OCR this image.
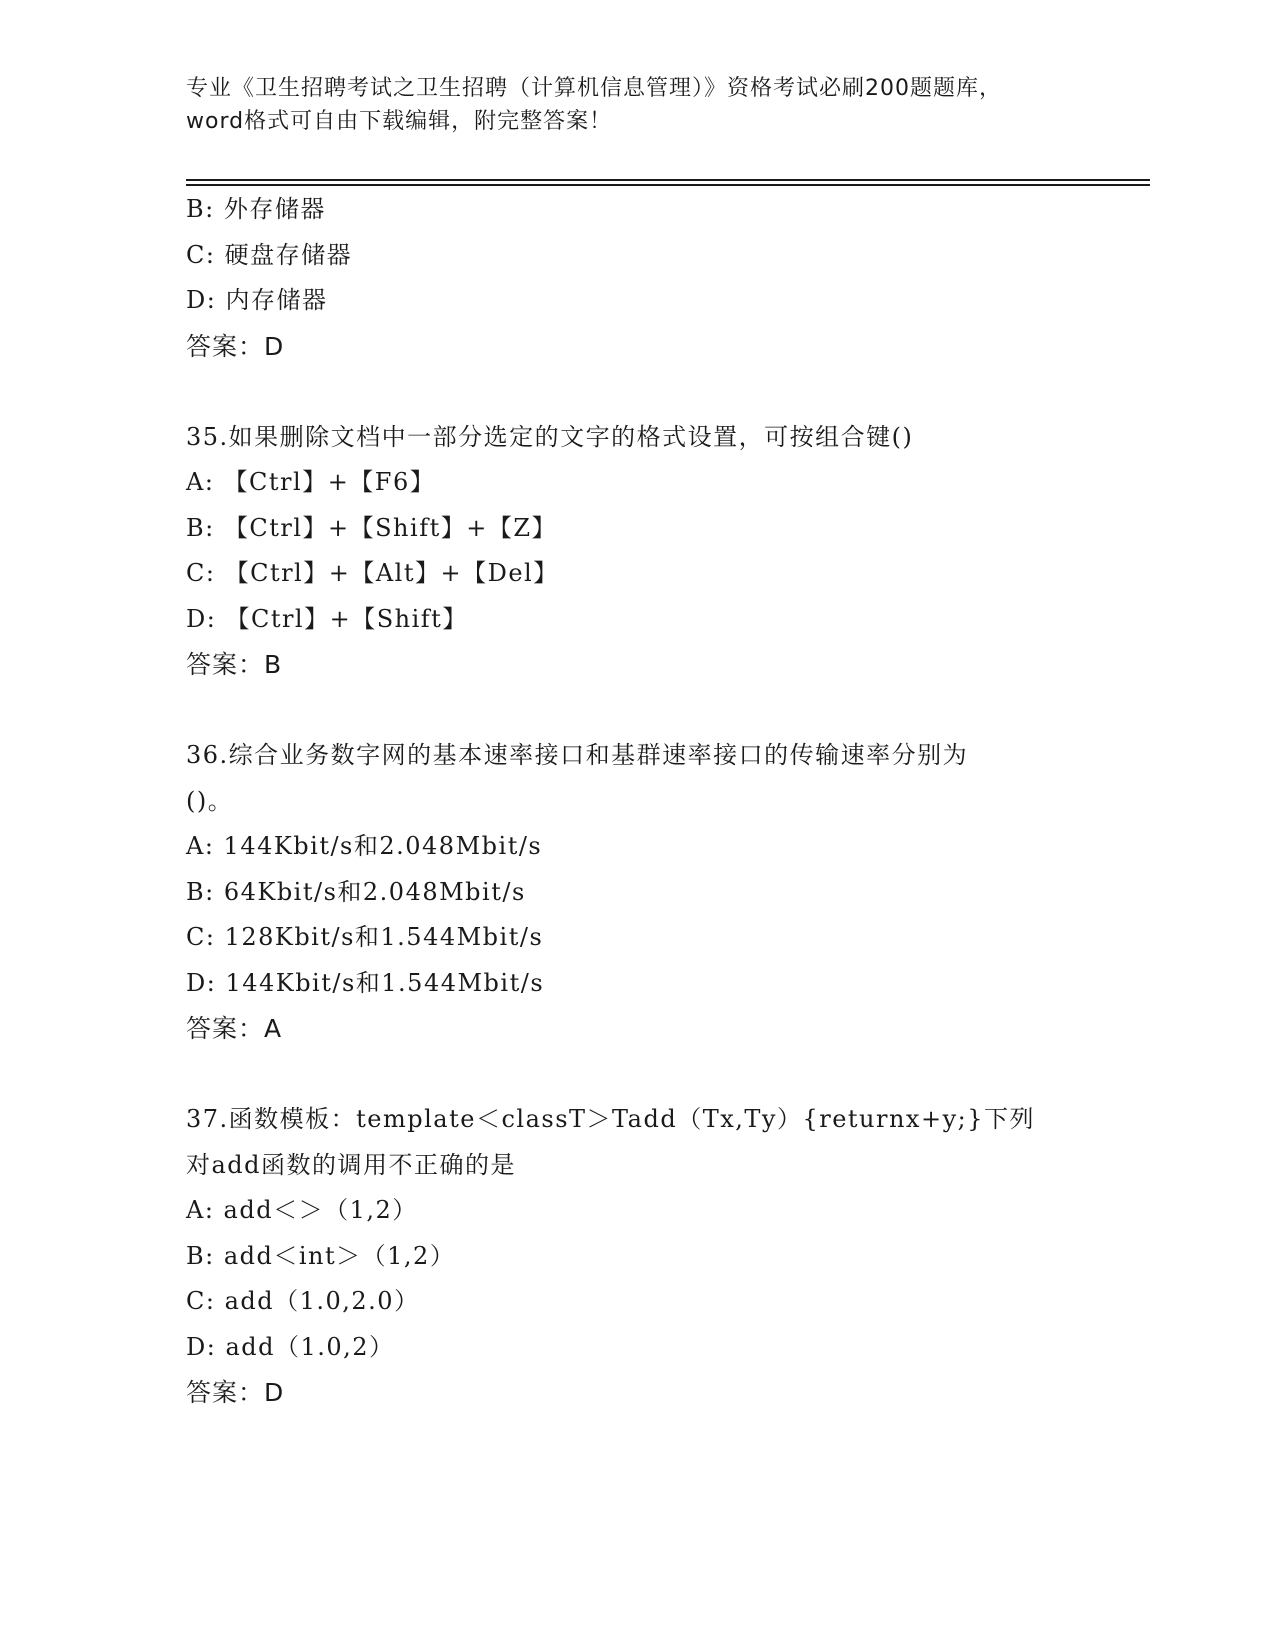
专业《卫生招聘考试之卫生招聘（计算机信息管理）》资格考试必刷200题题库，
word格式可自由下载编辑，附完整答案！
B: 外存储器
C: 硬盘存储器
D: 内存储器
答案：D
35.如果删除文档中一部分选定的文字的格式设置，可按组合键()
A: 【Ctrl】+【F6】
B: 【Ctrl】+【Shift】+【Z】
C: 【Ctrl】+【Alt】+【Del】
D: 【Ctrl】+【Shift】
答案：B
36.综合业务数字网的基本速率接口和基群速率接口的传输速率分别为
()。
A: 144Kbit/s和2.048Mbit/s
B: 64Kbit/s和2.048Mbit/s
C: 128Kbit/s和1.544Mbit/s
D: 144Kbit/s和1.544Mbit/s
答案：A
37.函数模板：template＜classT＞Tadd（Tx,Ty）{returnx+y;}下列
对add函数的调用不正确的是
A: add＜＞（1,2）
B: add＜int＞（1,2）
C: add（1.0,2.0）
D: add（1.0,2）
答案：D
